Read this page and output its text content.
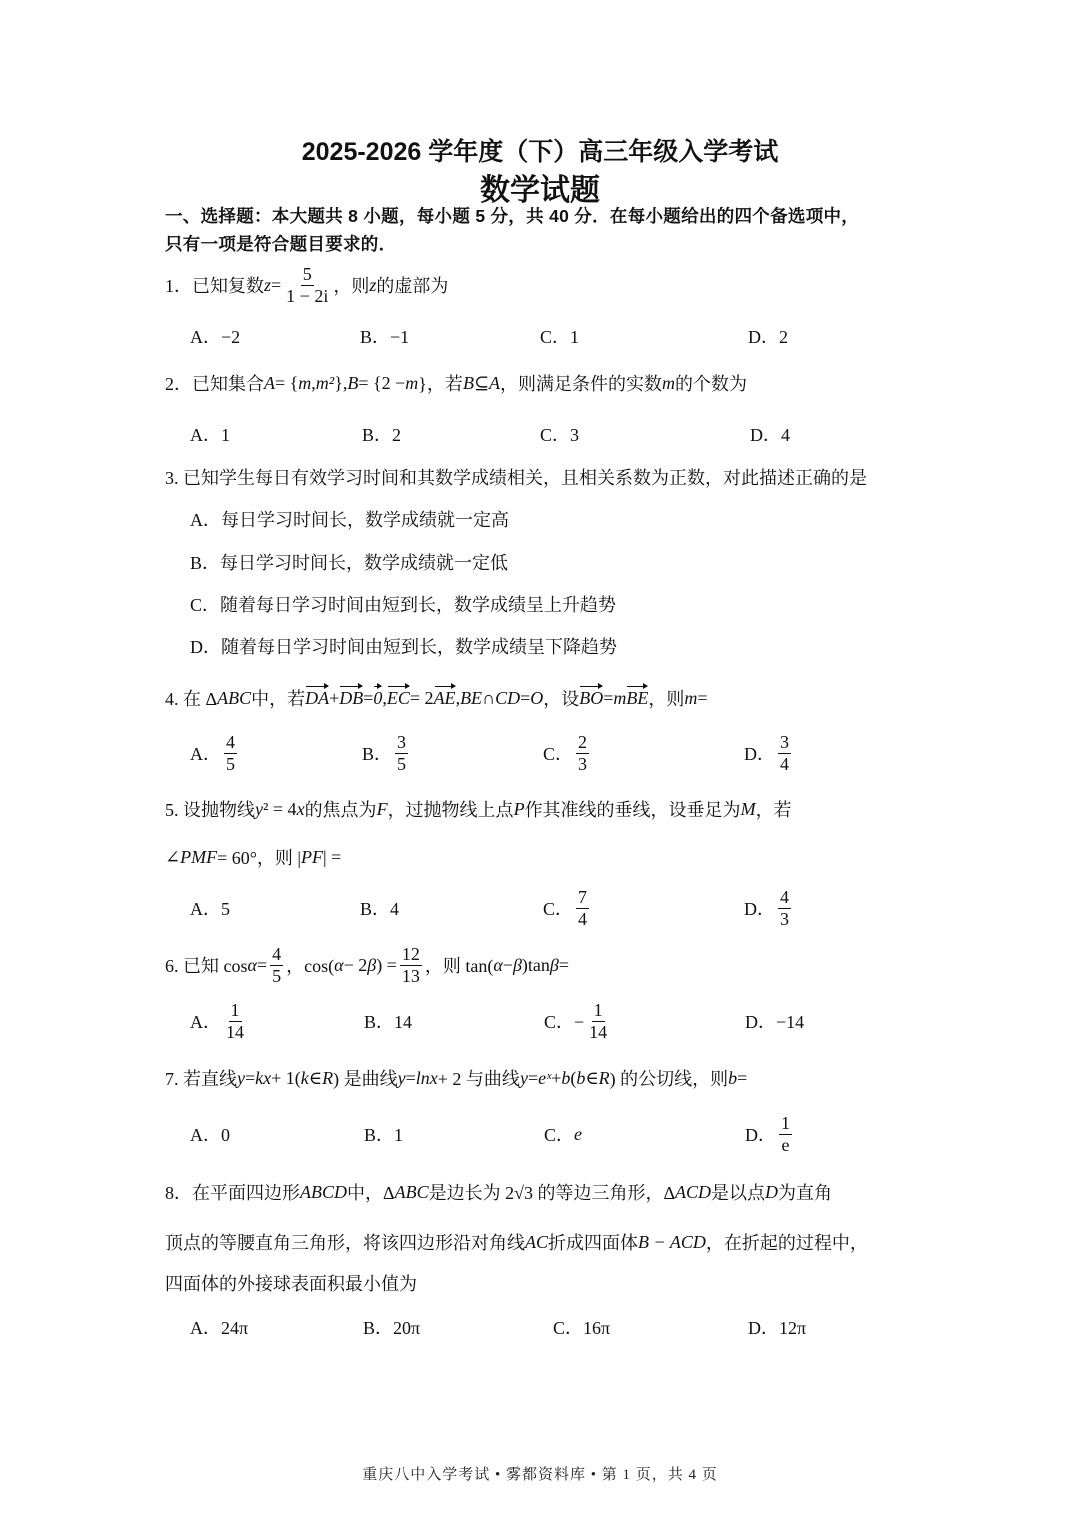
2025-2026 学年度（下）高三年级入学考试
数学试题
一、选择题：本大题共 8 小题，每小题 5 分，共 40 分．在每小题给出的四个备选项中，
只有一项是符合题目要求的．
1．已知复数 $z = \frac{5}{1 - 2i}$ ，则 z 的虚部为
A．−2	B．−1	C．1	D．2
2．已知集合 A = { m , m² }, B = {2 − m }，若 B ⊆ A ，则满足条件的实数 m 的个数为
A．1	B．2	C．3	D．4
3. 已知学生每日有效学习时间和其数学成绩相关，且相关系数为正数，对此描述正确的是
A．每日学习时间长，数学成绩就一定高
B．每日学习时间长，数学成绩就一定低
C．随着每日学习时间由短到长，数学成绩呈上升趋势
D．随着每日学习时间由短到长，数学成绩呈下降趋势
4. 在 Δ ABC 中，若 DA + DB = 0 , EC = 2 AE , BE ∩ CD = O ，设 BO = m BE ，则 m =
A． $\frac{4}{5}$	B． $\frac{3}{5}$	C． $\frac{2}{3}$	D． $\frac{3}{4}$
5. 设抛物线 y ² = 4 x 的焦点为 F ，过抛物线上点 P 作其准线的垂线，设垂足为 M ，若
∠ PMF = 60°，则 | PF | =
A．5	B．4	C． $\frac{7}{4}$	D． $\frac{4}{3}$
6. 已知 $\cos \alpha = \frac{4}{5}$ ，cos( α − 2 β ) = $\frac{12}{13}$ ，则 tan( α − β )tan β =
A． $\frac{1}{14}$	B．14	C．− $\frac{1}{14}$	D．−14
7. 若直线 y = kx + 1( k ∈ R ) 是曲线 y = lnx + 2 与曲线 y = eˣ + b ( b ∈ R ) 的公切线，则 b =
A．0	B．1	C． e	D． $\frac{1}{e}$
8．在平面四边形 ABCD 中，Δ ABC 是边长为 2√3 的等边三角形，Δ ACD 是以点 D 为直角
顶点的等腰直角三角形，将该四边形沿对角线 AC 折成四面体 B − ACD ，在折起的过程中，
四面体的外接球表面积最小值为
A．24π	B．20π	C．16π	D．12π
重庆八中入学考试 • 雾都资料库 • 第 1 页，共 4 页
